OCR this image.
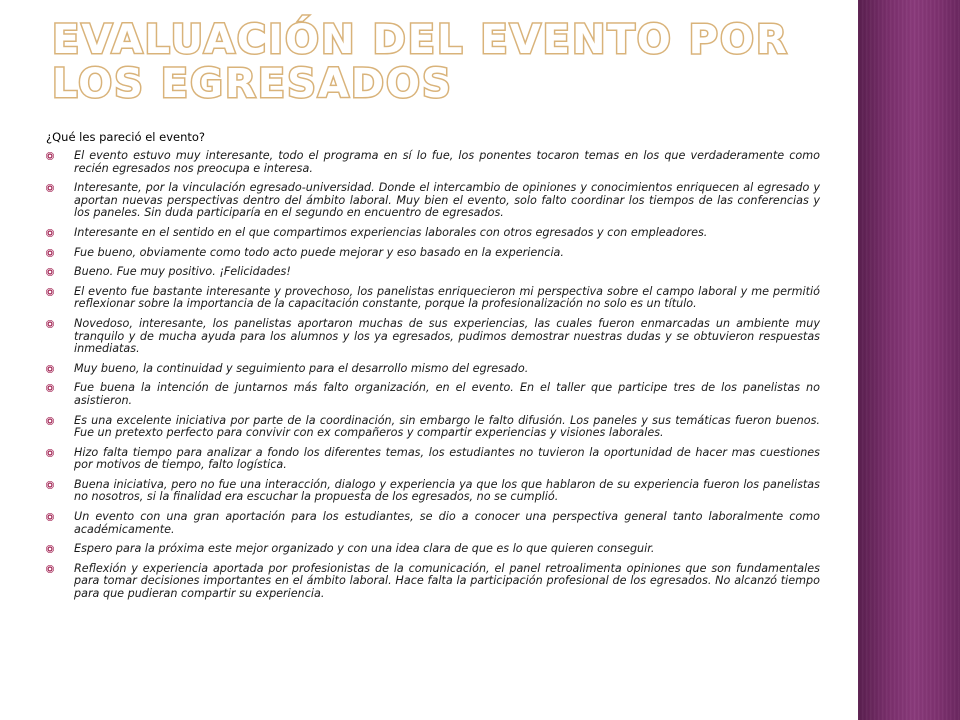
EVALUACIÓN DEL EVENTO POR LOS EGRESADOS

¿Qué les pareció el evento?

El evento estuvo muy interesante, todo el programa en sí lo fue, los ponentes tocaron temas en los que verdaderamente como recién egresados nos preocupa e interesa.
Interesante, por la vinculación egresado-universidad. Donde el intercambio de opiniones y conocimientos enriquecen al egresado y aportan nuevas perspectivas dentro del ámbito laboral. Muy bien el evento, solo falto coordinar los tiempos de las conferencias y los paneles. Sin duda participaría en el segundo en encuentro de egresados.
Interesante en el sentido en el que compartimos experiencias laborales con otros egresados y con empleadores.
Fue bueno, obviamente como todo acto puede mejorar y eso basado en la experiencia.
Bueno. Fue muy positivo. ¡Felicidades!
El evento fue bastante interesante y provechoso, los panelistas enriquecieron mi perspectiva sobre el campo laboral y me permitió reflexionar sobre la importancia de la capacitación constante, porque la profesionalización no solo es un título.
Novedoso, interesante, los panelistas aportaron muchas de sus experiencias, las cuales fueron enmarcadas un ambiente muy tranquilo y de mucha ayuda para los alumnos y los ya egresados, pudimos demostrar nuestras dudas y se obtuvieron respuestas inmediatas.
Muy bueno, la continuidad y seguimiento para el desarrollo mismo del egresado.
Fue buena la intención de juntarnos más falto organización, en el evento. En el taller que participe tres de los panelistas no asistieron.
Es una excelente iniciativa por parte de la coordinación, sin embargo le falto difusión. Los paneles y sus temáticas fueron buenos. Fue un pretexto perfecto para convivir con ex compañeros y compartir experiencias y visiones laborales.
Hizo falta tiempo para analizar a fondo los diferentes temas, los estudiantes no tuvieron la oportunidad de hacer mas cuestiones por motivos de tiempo, falto logística.
Buena iniciativa, pero no fue una interacción, dialogo y experiencia ya que los que hablaron de su experiencia fueron los panelistas no nosotros, si la finalidad era escuchar la propuesta de los egresados, no se cumplió.
Un evento con una gran aportación para los estudiantes, se dio a conocer una perspectiva general tanto laboralmente como académicamente.
Espero para la próxima este mejor organizado y con una idea clara de que es lo que quieren conseguir.
Reflexión y experiencia aportada por profesionistas de la comunicación, el panel retroalimenta opiniones que son fundamentales para tomar decisiones importantes en el ámbito laboral. Hace falta la participación profesional de los egresados. No alcanzó tiempo para que pudieran compartir su experiencia.
